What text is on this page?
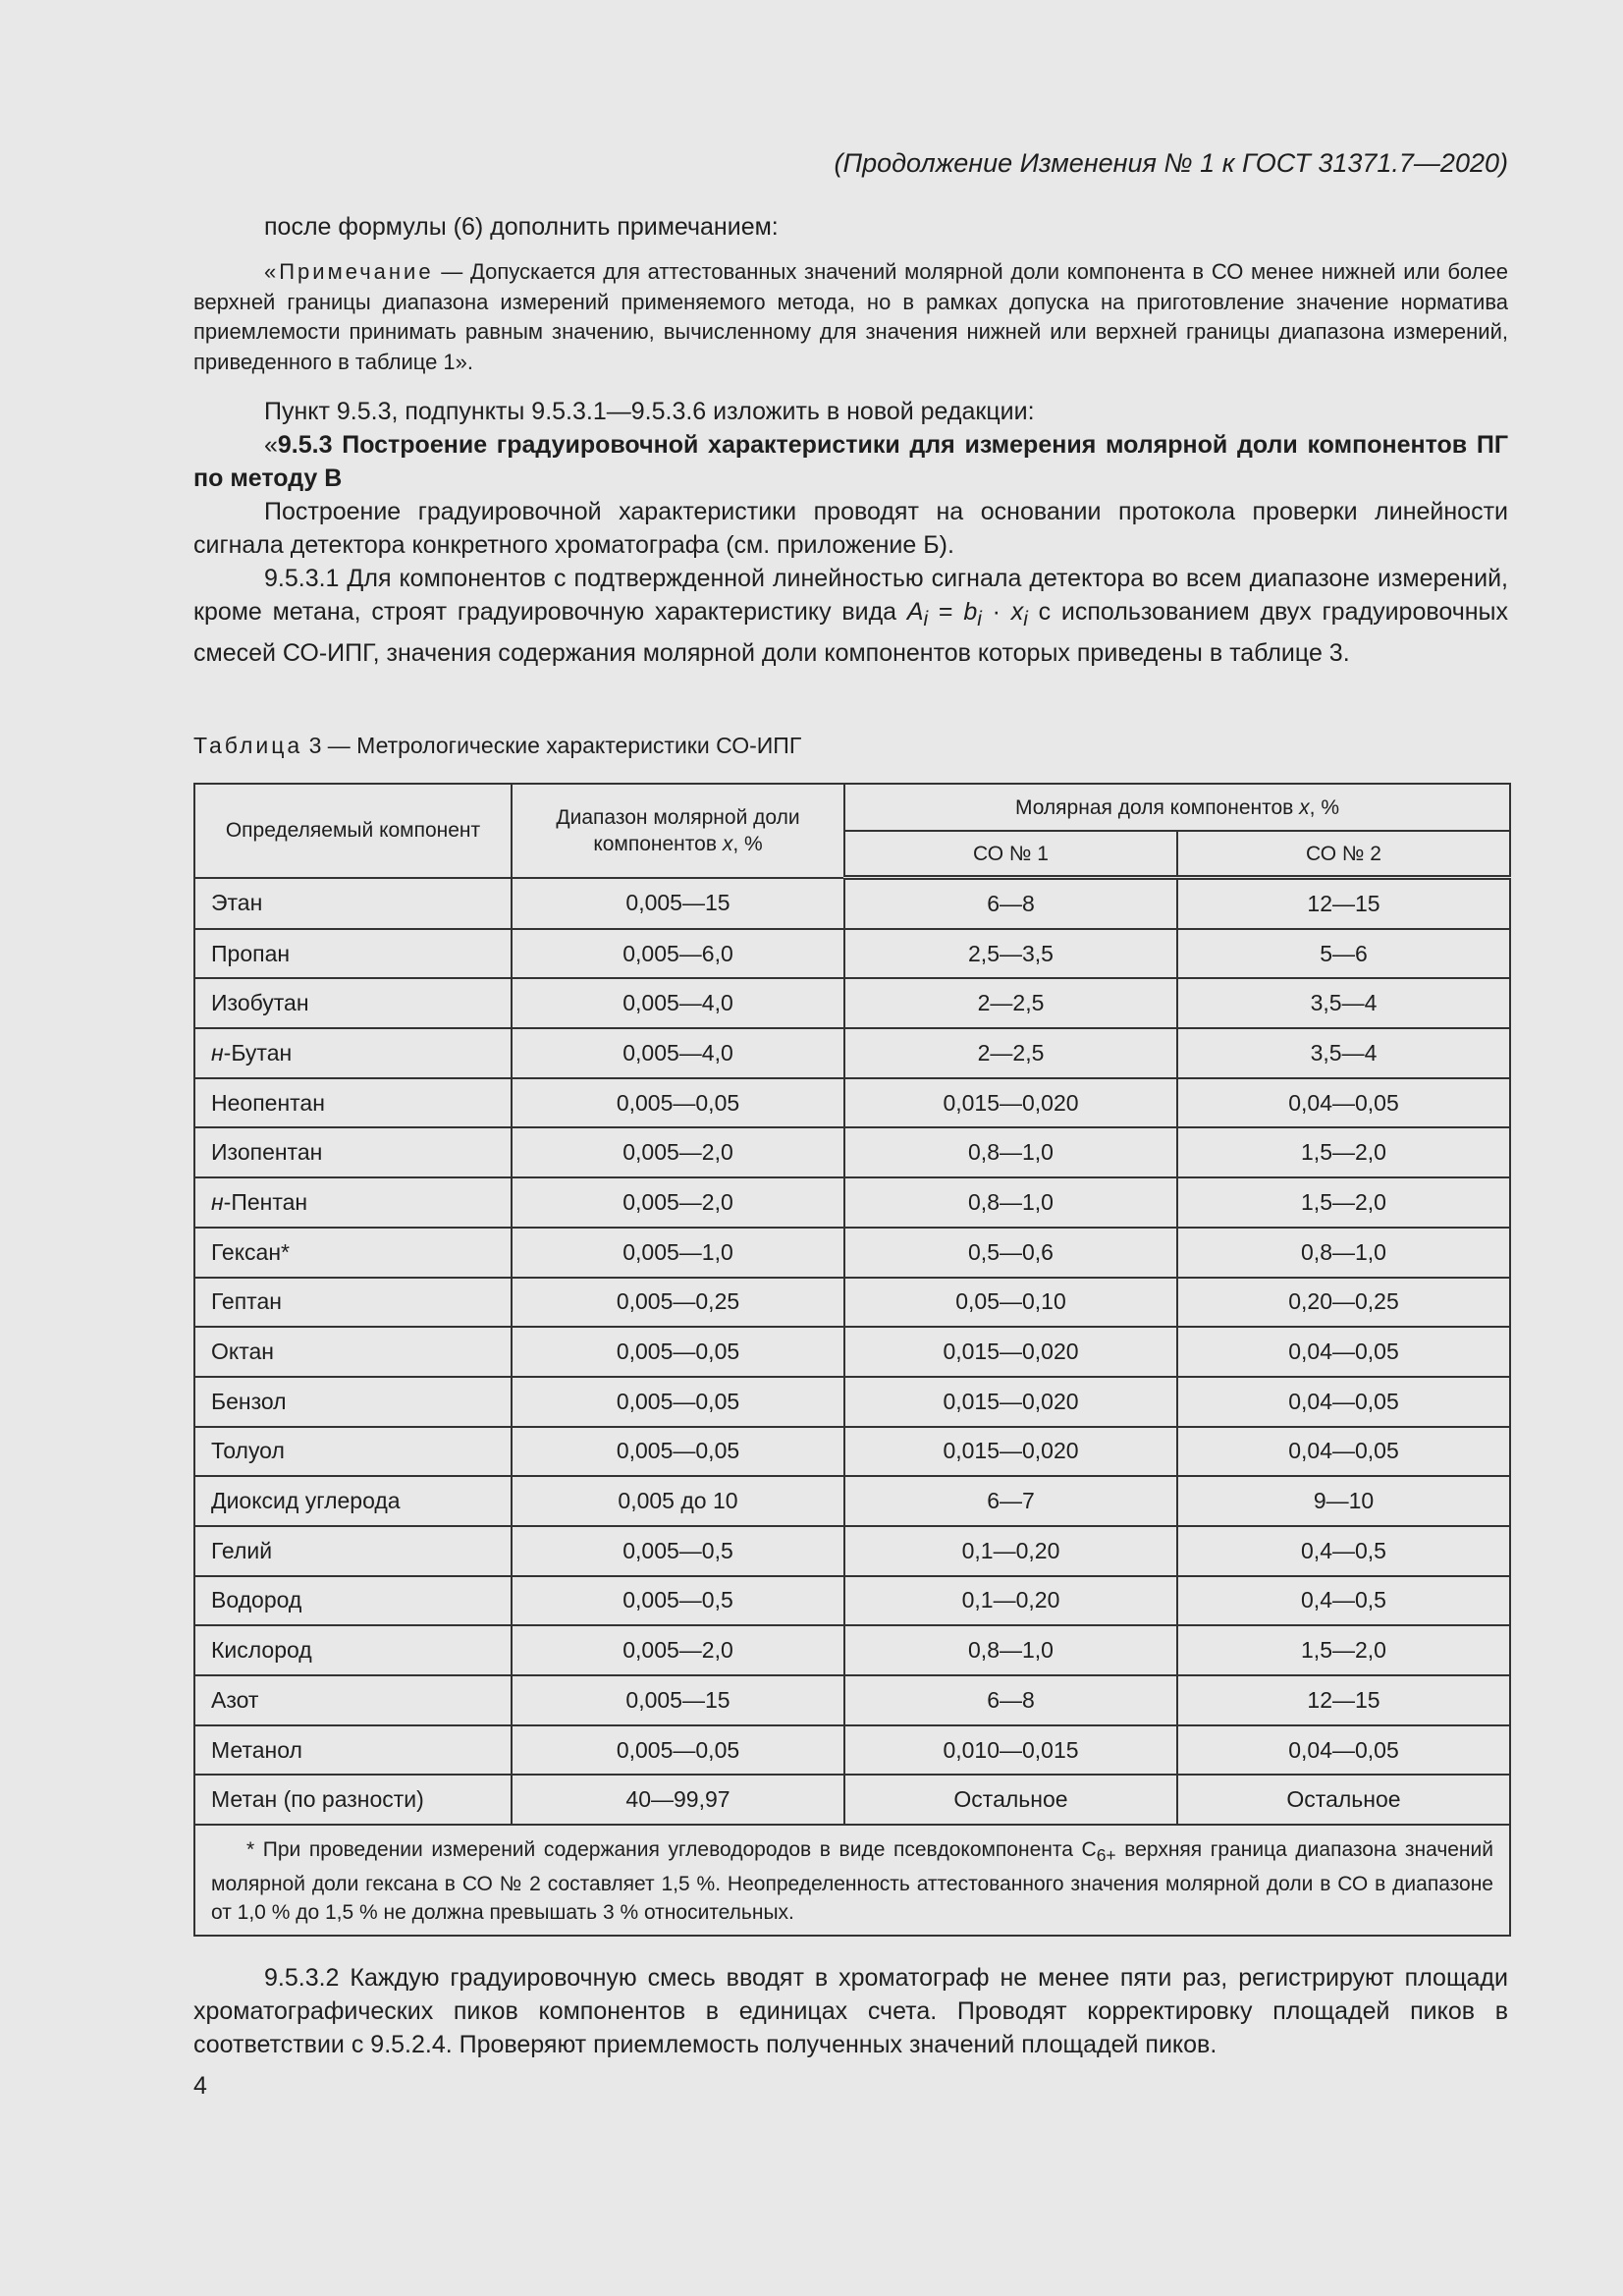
(Продолжение Изменения № 1 к ГОСТ 31371.7—2020)

после формулы (6) дополнить примечанием:

«Примечание — Допускается для аттестованных значений молярной доли компонента в СО менее нижней или более верхней границы диапазона измерений применяемого метода, но в рамках допуска на приготовление значение норматива приемлемости принимать равным значению, вычисленному для значения нижней или верхней границы диапазона измерений, приведенного в таблице 1».

Пункт 9.5.3, подпункты 9.5.3.1—9.5.3.6 изложить в новой редакции:

«9.5.3 Построение градуировочной характеристики для измерения молярной доли компонентов ПГ по методу В

Построение градуировочной характеристики проводят на основании протокола проверки линейности сигнала детектора конкретного хроматографа (см. приложение Б).

9.5.3.1 Для компонентов с подтвержденной линейностью сигнала детектора во всем диапазоне измерений, кроме метана, строят градуировочную характеристику вида $A_i = b_i \cdot x_i$ с использованием двух градуировочных смесей СО-ИПГ, значения содержания молярной доли компонентов которых приведены в таблице 3.

Таблица 3 — Метрологические характеристики СО-ИПГ
Определяемый компонент	Диапазон молярной доли компонентов x, %	Молярная доля компонентов x, %	
		СО № 1	СО № 2
Этан	0,005—15	6—8	12—15
Пропан	0,005—6,0	2,5—3,5	5—6
Изобутан	0,005—4,0	2—2,5	3,5—4
н-Бутан	0,005—4,0	2—2,5	3,5—4
Неопентан	0,005—0,05	0,015—0,020	0,04—0,05
Изопентан	0,005—2,0	0,8—1,0	1,5—2,0
н-Пентан	0,005—2,0	0,8—1,0	1,5—2,0
Гексан*	0,005—1,0	0,5—0,6	0,8—1,0
Гептан	0,005—0,25	0,05—0,10	0,20—0,25
Октан	0,005—0,05	0,015—0,020	0,04—0,05
Бензол	0,005—0,05	0,015—0,020	0,04—0,05
Толуол	0,005—0,05	0,015—0,020	0,04—0,05
Диоксид углерода	0,005 до 10	6—7	9—10
Гелий	0,005—0,5	0,1—0,20	0,4—0,5
Водород	0,005—0,5	0,1—0,20	0,4—0,5
Кислород	0,005—2,0	0,8—1,0	1,5—2,0
Азот	0,005—15	6—8	12—15
Метанол	0,005—0,05	0,010—0,015	0,04—0,05
Метан (по разности)	40—99,97	Остальное	Остальное

* При проведении измерений содержания углеводородов в виде псевдокомпонента $С_{6+}$ верхняя граница диапазона значений молярной доли гексана в СО № 2 составляет 1,5 %. Неопределенность аттестованного значения молярной доли в СО в диапазоне от 1,0 % до 1,5 % не должна превышать 3 % относительных.			

9.5.3.2 Каждую градуировочную смесь вводят в хроматограф не менее пяти раз, регистрируют площади хроматографических пиков компонентов в единицах счета. Проводят корректировку площадей пиков в соответствии с 9.5.2.4. Проверяют приемлемость полученных значений площадей пиков.

4
